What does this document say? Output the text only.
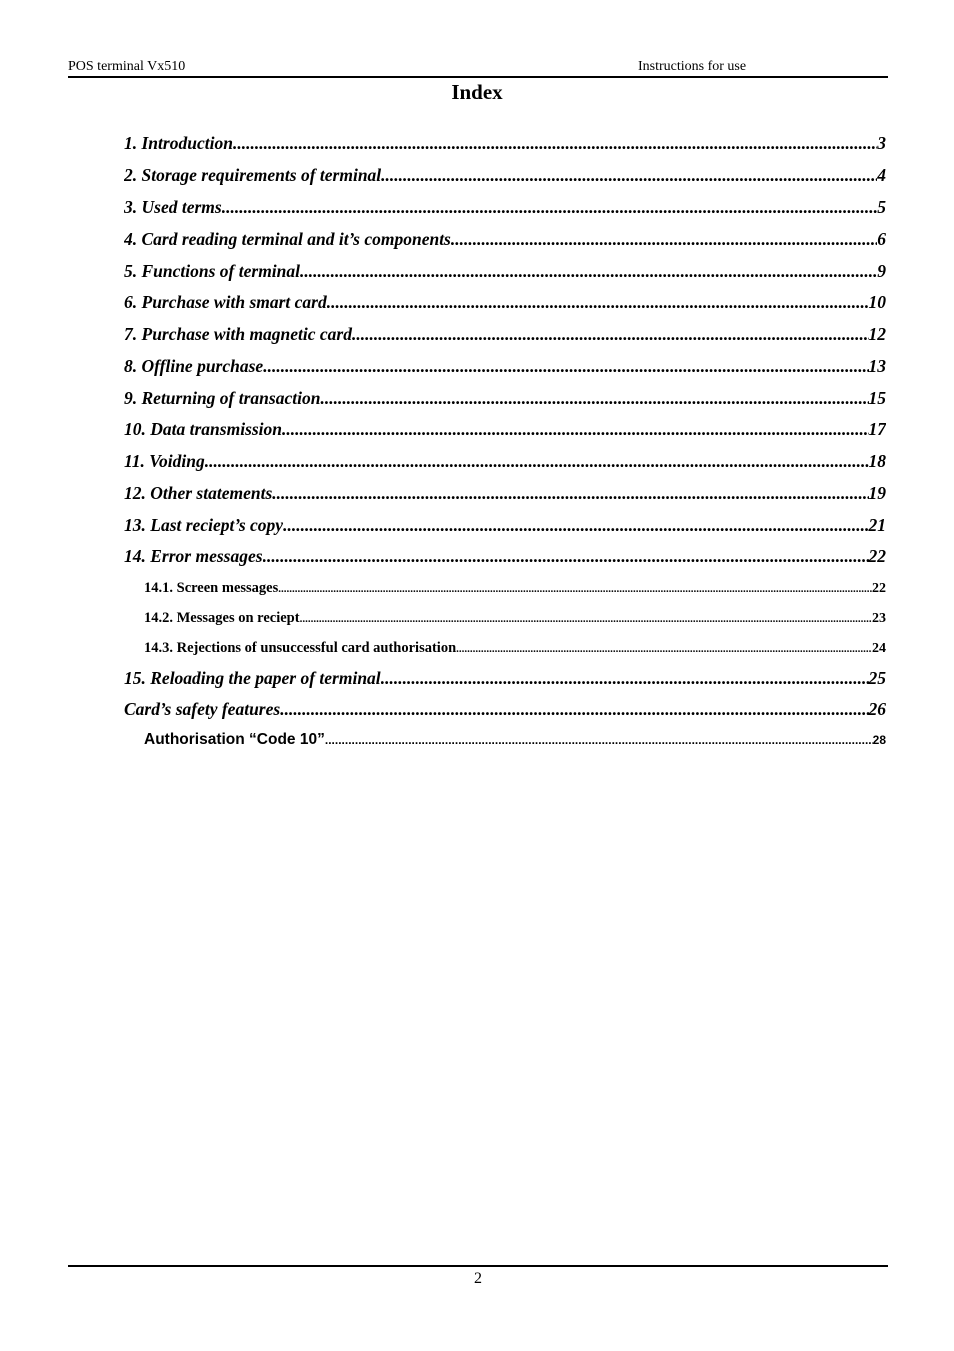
POS terminal Vx510	Instructions for use
Index
1. Introduction .....	3
2. Storage requirements of terminal .....	4
3. Used terms .....	5
4. Card reading terminal and it’s components .....	6
5. Functions of terminal .....	9
6. Purchase with smart card .....	10
7. Purchase with magnetic card .....	12
8. Offline purchase .....	13
9. Returning of transaction .....	15
10. Data transmission .....	17
11. Voiding .....	18
12. Other statements .....	19
13. Last reciept’s copy .....	21
14. Error messages .....	22
14.1. Screen messages .....	22
14.2. Messages on reciept .....	23
14.3. Rejections of unsuccessful card authorisation .....	24
15. Reloading the paper of terminal .....	25
Card’s safety features .....	26
Authorisation “Code 10” .....	28
2
